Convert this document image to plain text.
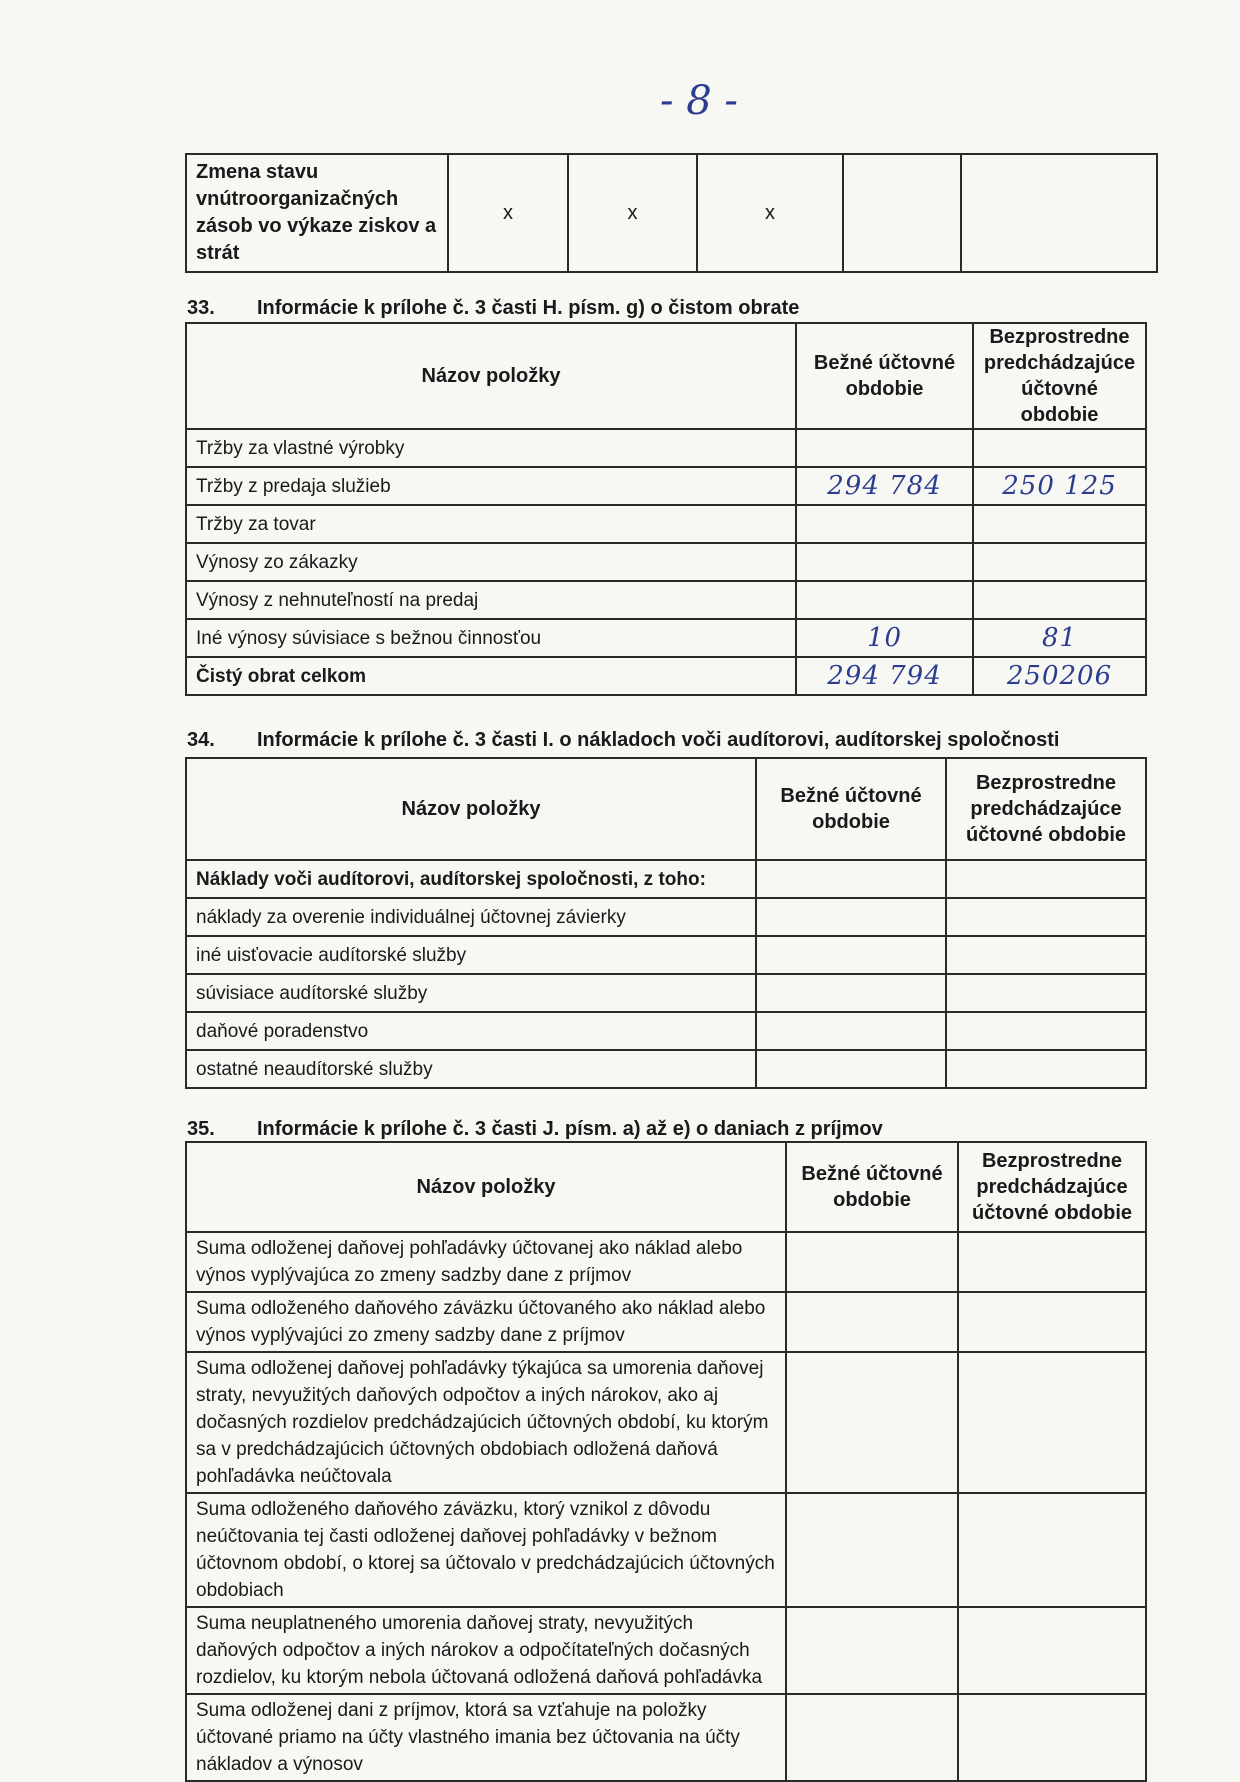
- 8 -
Zmena stavu vnútroorganizačných zásob vo výkaze ziskov a strát	x	x	x		
33. Informácie k prílohe č. 3 časti H. písm. g) o čistom obrate
Názov položky	Bežné účtovné obdobie	Bezprostredne predchádzajúce účtovné obdobie
Tržby za vlastné výrobky		
Tržby z predaja služieb	294 784	250 125
Tržby za tovar		
Výnosy zo zákazky		
Výnosy z nehnuteľností na predaj		
Iné výnosy súvisiace s bežnou činnosťou	10	81
Čistý obrat celkom	294 794	250206
34. Informácie k prílohe č. 3 časti I. o nákladoch voči audítorovi, audítorskej spoločnosti
Názov položky	Bežné účtovné obdobie	Bezprostredne predchádzajúce účtovné obdobie
Náklady voči audítorovi, audítorskej spoločnosti, z toho:		
náklady za overenie individuálnej účtovnej závierky		
iné uisťovacie audítorské služby		
súvisiace audítorské služby		
daňové poradenstvo		
ostatné neaudítorské služby		
35. Informácie k prílohe č. 3 časti J. písm. a) až e) o daniach z príjmov
Názov položky	Bežné účtovné obdobie	Bezprostredne predchádzajúce účtovné obdobie
Suma odloženej daňovej pohľadávky účtovanej ako náklad alebo výnos vyplývajúca zo zmeny sadzby dane z príjmov		
Suma odloženého daňového záväzku účtovaného ako náklad alebo výnos vyplývajúci zo zmeny sadzby dane z príjmov		
Suma odloženej daňovej pohľadávky týkajúca sa umorenia daňovej straty, nevyužitých daňových odpočtov a iných nárokov, ako aj dočasných rozdielov predchádzajúcich účtovných období, ku ktorým sa v predchádzajúcich účtovných obdobiach odložená daňová pohľadávka neúčtovala		
Suma odloženého daňového záväzku, ktorý vznikol z dôvodu neúčtovania tej časti odloženej daňovej pohľadávky v bežnom účtovnom období, o ktorej sa účtovalo v predchádzajúcich účtovných obdobiach		
Suma neuplatneného umorenia daňovej straty, nevyužitých daňových odpočtov a iných nárokov a odpočítateľných dočasných rozdielov, ku ktorým nebola účtovaná odložená daňová pohľadávka		
Suma odloženej dani z príjmov, ktorá sa vzťahuje na položky účtované priamo na účty vlastného imania bez účtovania na účty nákladov a výnosov		
